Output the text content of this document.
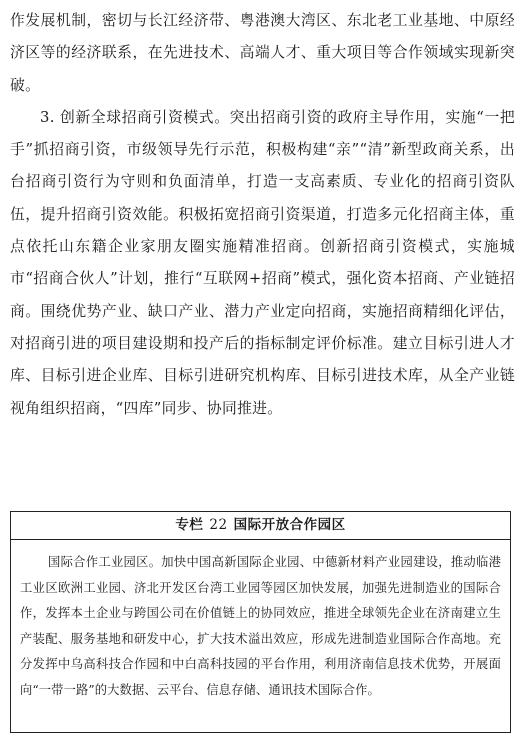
作发展机制，密切与长江经济带、粤港澳大湾区、东北老工业基地、中原经济区等的经济联系，在先进技术、高端人才、重大项目等合作领域实现新突破。

3. 创新全球招商引资模式。突出招商引资的政府主导作用，实施“一把手”抓招商引资，市级领导先行示范，积极构建“亲”“清”新型政商关系，出台招商引资行为守则和负面清单，打造一支高素质、专业化的招商引资队伍，提升招商引资效能。积极拓宽招商引资渠道，打造多元化招商主体，重点依托山东籍企业家朋友圈实施精准招商。创新招商引资模式，实施城市“招商合伙人”计划，推行“互联网+招商”模式，强化资本招商、产业链招商。围绕优势产业、缺口产业、潜力产业定向招商，实施招商精细化评估，对招商引进的项目建设期和投产后的指标制定评价标准。建立目标引进人才库、目标引进企业库、目标引进研究机构库、目标引进技术库，从全产业链视角组织招商，“四库”同步、协同推进。

专栏 22 国际开放合作园区
国际合作工业园区。加快中国高新国际企业园、中德新材料产业园建设，推动临港工业区欧洲工业园、济北开发区台湾工业园等园区加快发展，加强先进制造业的国际合作，发挥本土企业与跨国公司在价值链上的协同效应，推进全球领先企业在济南建立生产装配、服务基地和研发中心，扩大技术溢出效应，形成先进制造业国际合作高地。充分发挥中乌高科技合作园和中白高科技园的平台作用，利用济南信息技术优势，开展面向“一带一路”的大数据、云平台、信息存储、通讯技术国际合作。
